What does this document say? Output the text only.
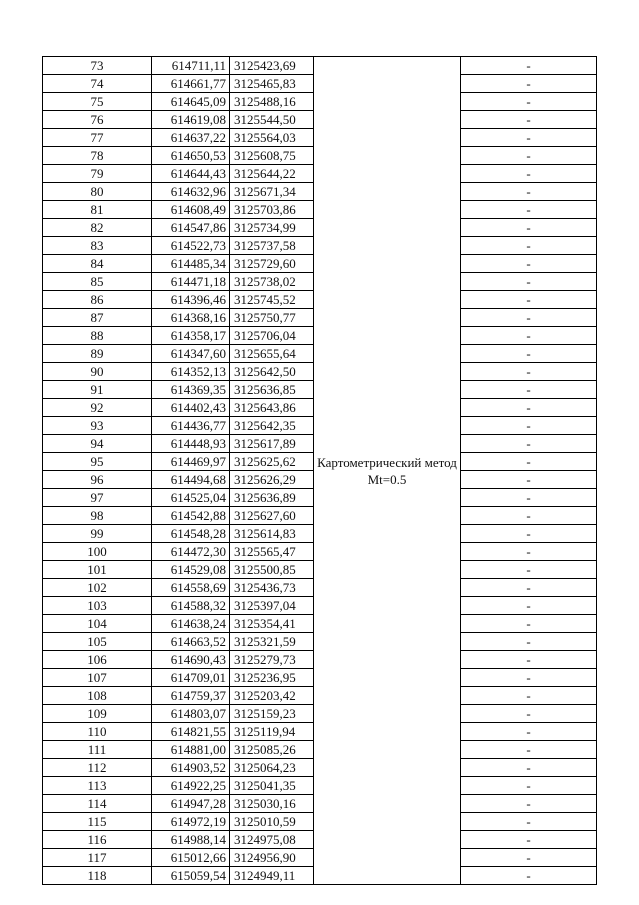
73	614711,11	3125423,69	Картометрический метод Mt=0.5	-
74	614661,77	3125465,83		-
75	614645,09	3125488,16		-
76	614619,08	3125544,50		-
77	614637,22	3125564,03		-
78	614650,53	3125608,75		-
79	614644,43	3125644,22		-
80	614632,96	3125671,34		-
81	614608,49	3125703,86		-
82	614547,86	3125734,99		-
83	614522,73	3125737,58		-
84	614485,34	3125729,60		-
85	614471,18	3125738,02		-
86	614396,46	3125745,52		-
87	614368,16	3125750,77		-
88	614358,17	3125706,04		-
89	614347,60	3125655,64		-
90	614352,13	3125642,50		-
91	614369,35	3125636,85		-
92	614402,43	3125643,86		-
93	614436,77	3125642,35		-
94	614448,93	3125617,89		-
95	614469,97	3125625,62		-
96	614494,68	3125626,29		-
97	614525,04	3125636,89		-
98	614542,88	3125627,60		-
99	614548,28	3125614,83		-
100	614472,30	3125565,47		-
101	614529,08	3125500,85		-
102	614558,69	3125436,73		-
103	614588,32	3125397,04		-
104	614638,24	3125354,41		-
105	614663,52	3125321,59		-
106	614690,43	3125279,73		-
107	614709,01	3125236,95		-
108	614759,37	3125203,42		-
109	614803,07	3125159,23		-
110	614821,55	3125119,94		-
111	614881,00	3125085,26		-
112	614903,52	3125064,23		-
113	614922,25	3125041,35		-
114	614947,28	3125030,16		-
115	614972,19	3125010,59		-
116	614988,14	3124975,08		-
117	615012,66	3124956,90		-
118	615059,54	3124949,11		-
